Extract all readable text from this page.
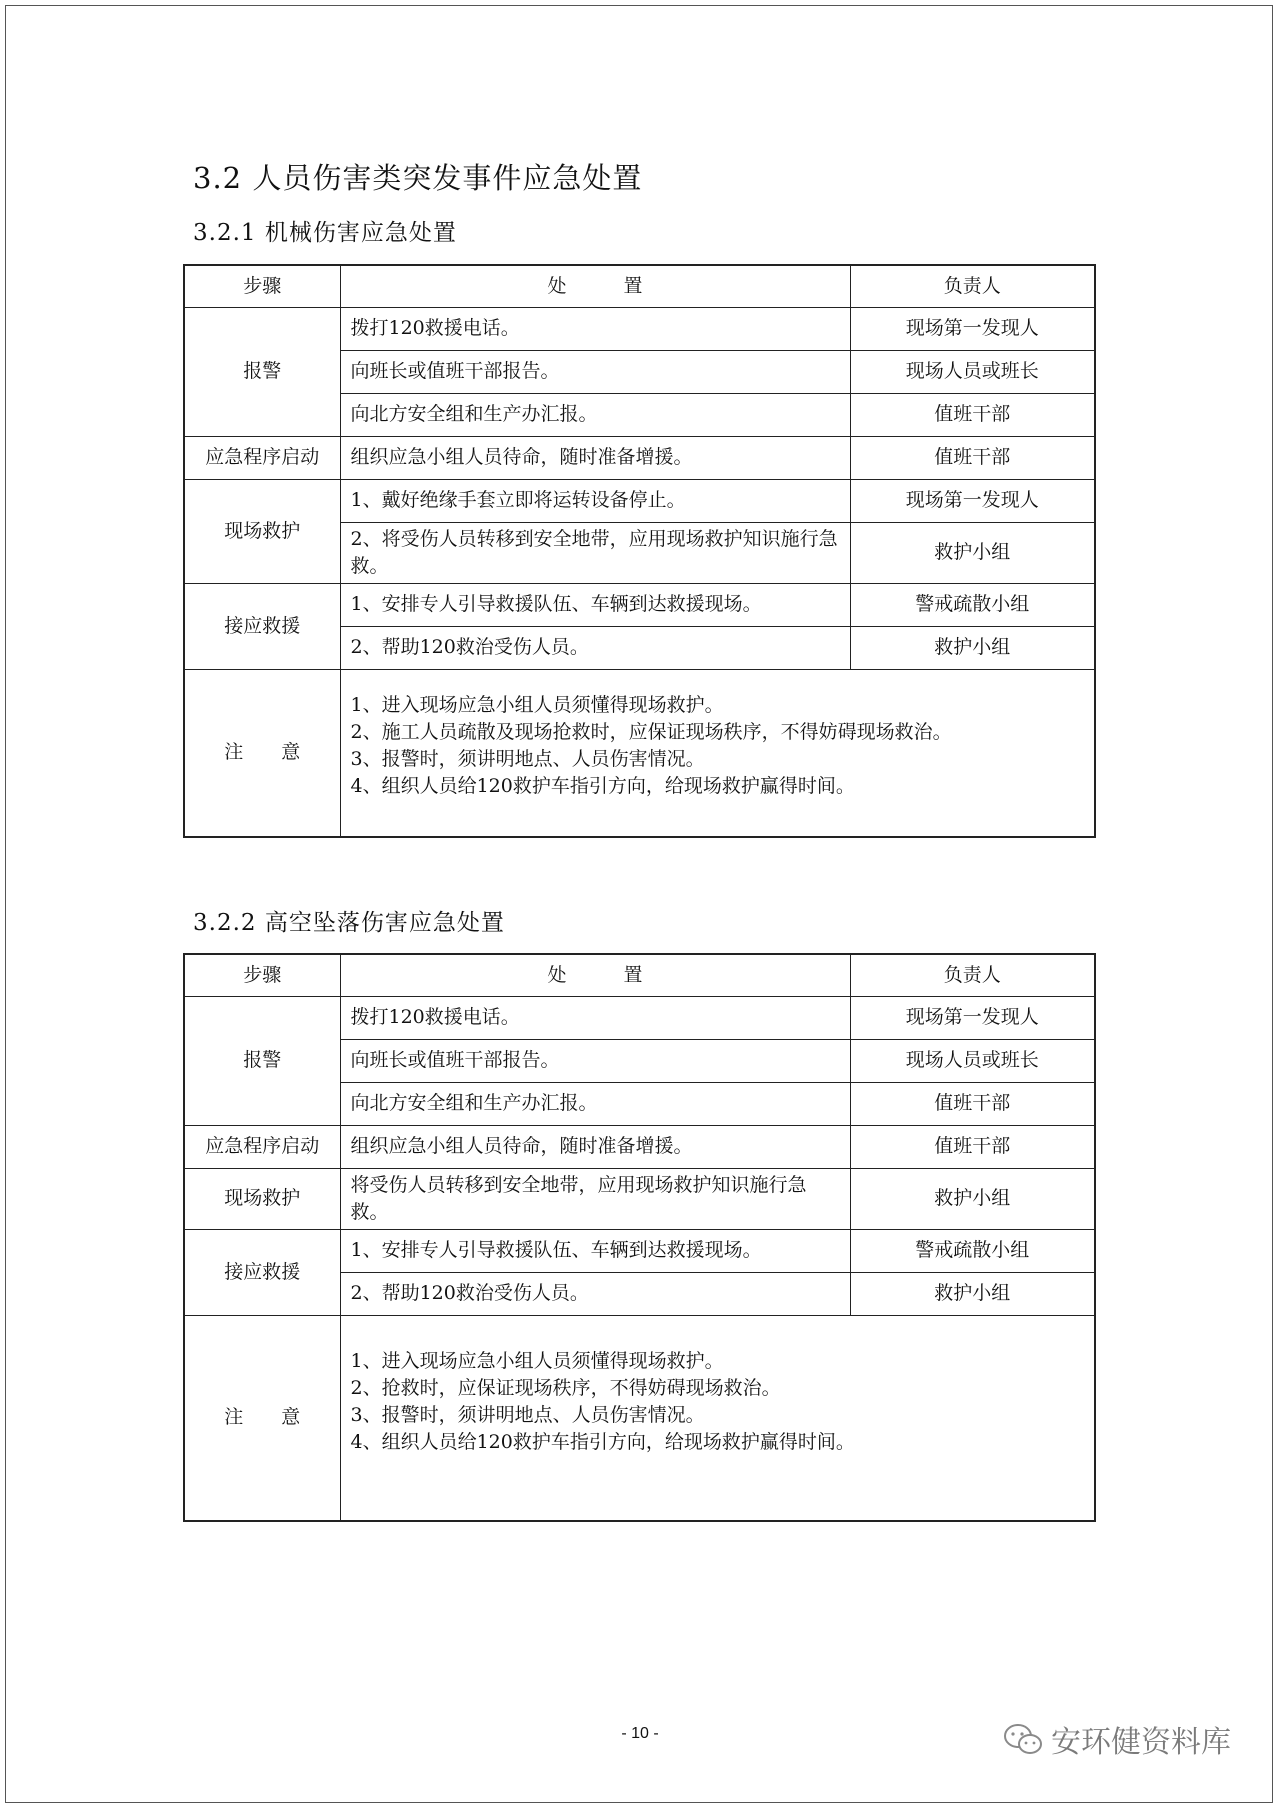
3.2 人员伤害类突发事件应急处置
3.2.1 机械伤害应急处置
步骤	处　　　置	负责人
报警	拨打120救援电话。	现场第一发现人
	向班长或值班干部报告。	现场人员或班长
	向北方安全组和生产办汇报。	值班干部
应急程序启动	组织应急小组人员待命，随时准备增援。	值班干部
现场救护	1、戴好绝缘手套立即将运转设备停止。	现场第一发现人
	2、将受伤人员转移到安全地带，应用现场救护知识施行急救。	救护小组
接应救援	1、安排专人引导救援队伍、车辆到达救援现场。	警戒疏散小组
	2、帮助120救治受伤人员。	救护小组
注　　意	1、进入现场应急小组人员须懂得现场救护。
2、施工人员疏散及现场抢救时，应保证现场秩序，不得妨碍现场救治。
3、报警时，须讲明地点、人员伤害情况。
4、组织人员给120救护车指引方向，给现场救护赢得时间。	
3.2.2 高空坠落伤害应急处置
步骤	处　　　置	负责人
报警	拨打120救援电话。	现场第一发现人
	向班长或值班干部报告。	现场人员或班长
	向北方安全组和生产办汇报。	值班干部
应急程序启动	组织应急小组人员待命，随时准备增援。	值班干部
现场救护	将受伤人员转移到安全地带，应用现场救护知识施行急救。	救护小组
接应救援	1、安排专人引导救援队伍、车辆到达救援现场。	警戒疏散小组
	2、帮助120救治受伤人员。	救护小组
注　　意	1、进入现场应急小组人员须懂得现场救护。
2、抢救时，应保证现场秩序，不得妨碍现场救治。
3、报警时，须讲明地点、人员伤害情况。
4、组织人员给120救护车指引方向，给现场救护赢得时间。	
- 10 -	安环健资料库
